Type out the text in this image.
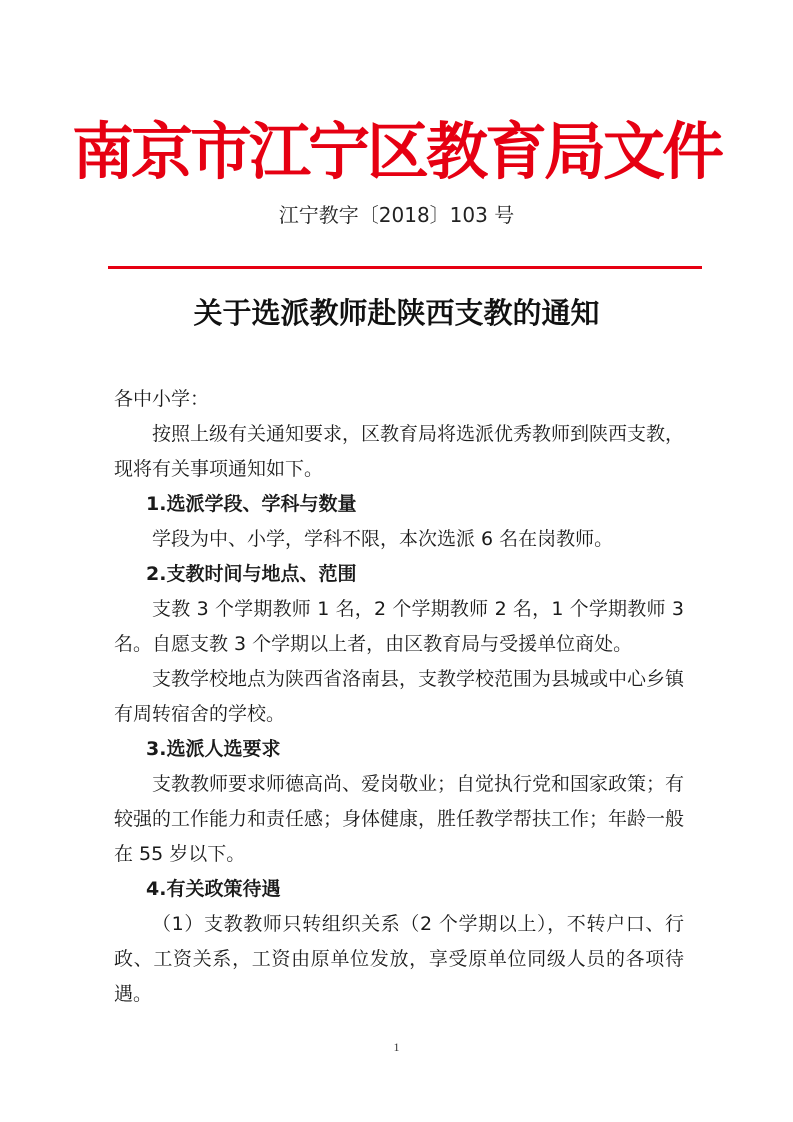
南京市江宁区教育局文件
江宁教字〔2018〕103 号
关于选派教师赴陕西支教的通知

各中小学：

按照上级有关通知要求，区教育局将选派优秀教师到陕西支教，现将有关事项通知如下。

1.选派学段、学科与数量

学段为中、小学，学科不限，本次选派 6 名在岗教师。

2.支教时间与地点、范围

支教 3 个学期教师 1 名，2 个学期教师 2 名，1 个学期教师 3 名。自愿支教 3 个学期以上者，由区教育局与受援单位商处。

支教学校地点为陕西省洛南县，支教学校范围为县城或中心乡镇有周转宿舍的学校。

3.选派人选要求

支教教师要求师德高尚、爱岗敬业；自觉执行党和国家政策；有较强的工作能力和责任感；身体健康，胜任教学帮扶工作；年龄一般在 55 岁以下。

4.有关政策待遇

（1）支教教师只转组织关系（2 个学期以上），不转户口、行政、工资关系，工资由原单位发放，享受原单位同级人员的各项待遇。

1
